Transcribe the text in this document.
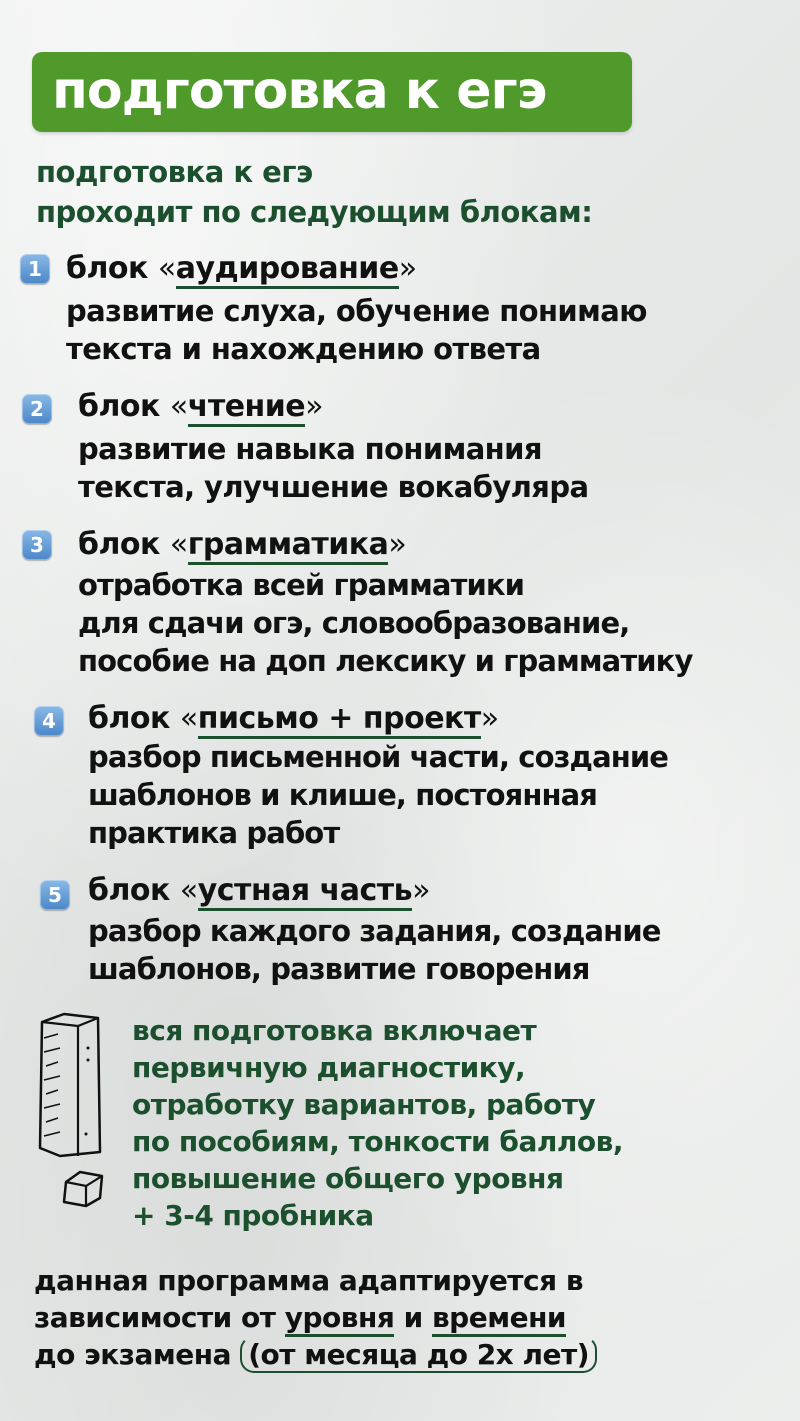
подготовка к егэ
подготовка к егэ
проходит по следующим блокам:
1 блок «аудирование»
развитие слуха, обучение понимаю
текста и нахождению ответа
2 блок «чтение»
развитие навыка понимания
текста, улучшение вокабуляра
3 блок «грамматика»
отработка всей грамматики
для сдачи огэ, словообразование,
пособие на доп лексику и грамматику
4 блок «письмо + проект»
разбор письменной части, создание
шаблонов и клише, постоянная
практика работ
5 блок «устная часть»
разбор каждого задания, создание
шаблонов, развитие говорения
вся подготовка включает
первичную диагностику,
отработку вариантов, работу
по пособиям, тонкости баллов,
повышение общего уровня
+ 3-4 пробника
данная программа адаптируется в
зависимости от уровня и времени
до экзамена (от месяца до 2х лет)
